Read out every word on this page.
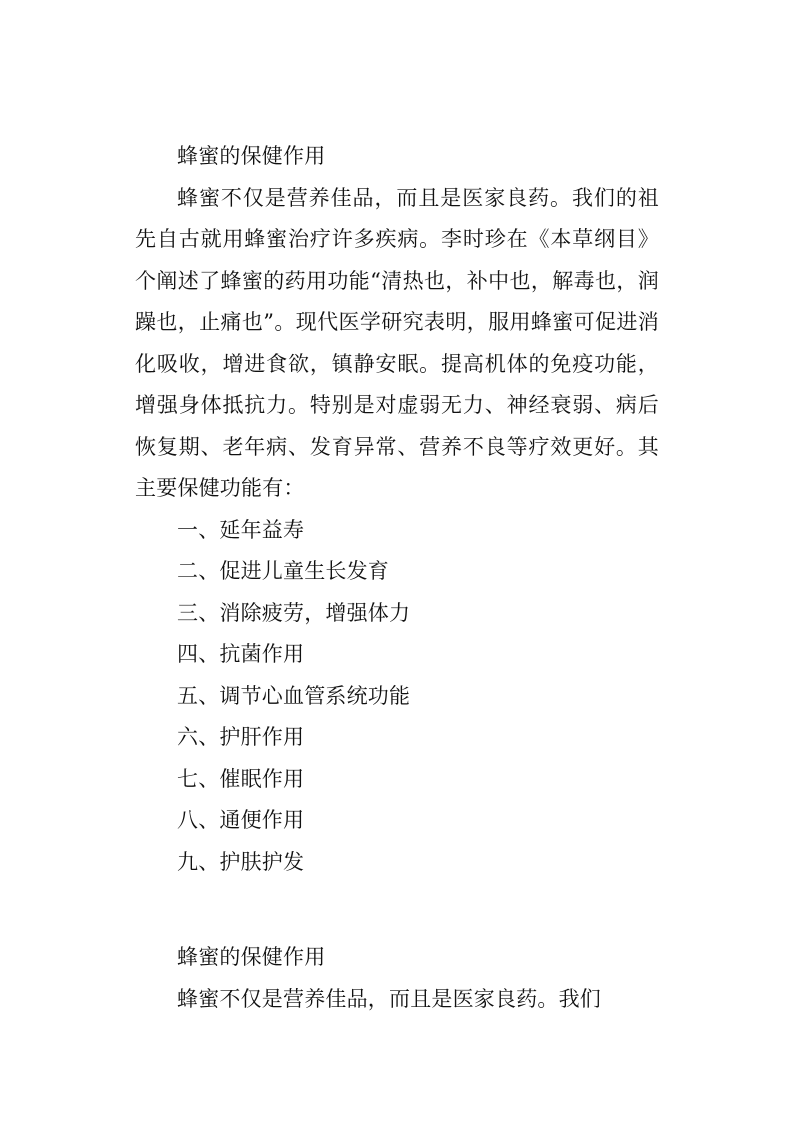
蜂蜜的保健作用

蜂蜜不仅是营养佳品，而且是医家良药。我们的祖先自古就用蜂蜜治疗许多疾病。李时珍在《本草纲目》个阐述了蜂蜜的药用功能“清热也，补中也，解毒也，润躁也，止痛也”。现代医学研究表明，服用蜂蜜可促进消化吸收，增进食欲，镇静安眠。提高机体的免疫功能，增强身体抵抗力。特别是对虚弱无力、神经衰弱、病后恢复期、老年病、发育异常、营养不良等疗效更好。其主要保健功能有：

一、延年益寿
二、促进儿童生长发育
三、消除疲劳，增强体力
四、抗菌作用
五、调节心血管系统功能
六、护肝作用
七、催眠作用
八、通便作用
九、护肤护发

蜂蜜的保健作用

蜂蜜不仅是营养佳品，而且是医家良药。我们
